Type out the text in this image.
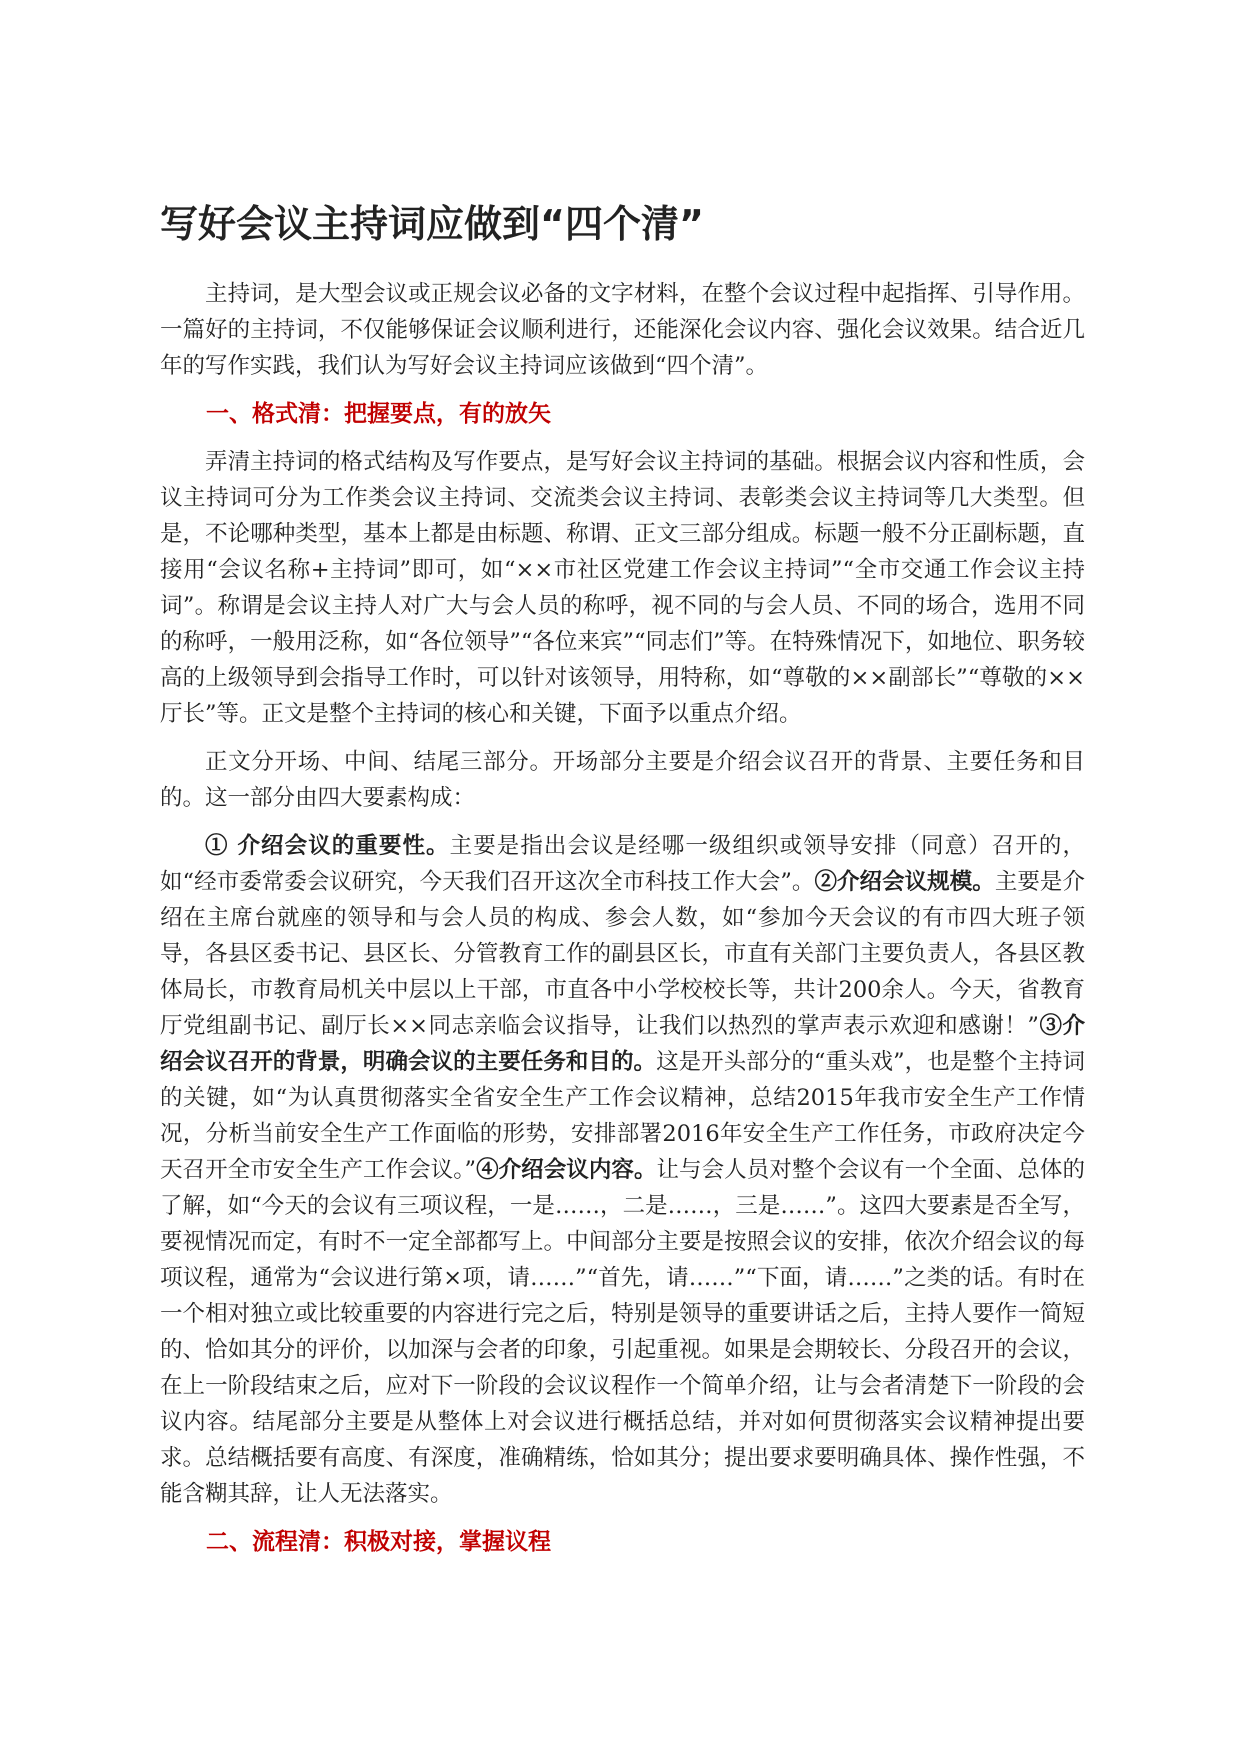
写好会议主持词应做到“四个清”

主持词，是大型会议或正规会议必备的文字材料，在整个会议过程中起指挥、引导作用。一篇好的主持词，不仅能够保证会议顺利进行，还能深化会议内容、强化会议效果。结合近几年的写作实践，我们认为写好会议主持词应该做到“四个清”。

一、格式清：把握要点，有的放矢

弄清主持词的格式结构及写作要点，是写好会议主持词的基础。根据会议内容和性质，会议主持词可分为工作类会议主持词、交流类会议主持词、表彰类会议主持词等几大类型。但是，不论哪种类型，基本上都是由标题、称谓、正文三部分组成。标题一般不分正副标题，直接用“会议名称+主持词”即可，如“××市社区党建工作会议主持词”“全市交通工作会议主持词”。称谓是会议主持人对广大与会人员的称呼，视不同的与会人员、不同的场合，选用不同的称呼，一般用泛称，如“各位领导”“各位来宾”“同志们”等。在特殊情况下，如地位、职务较高的上级领导到会指导工作时，可以针对该领导，用特称，如“尊敬的××副部长”“尊敬的××厅长”等。正文是整个主持词的核心和关键，下面予以重点介绍。

正文分开场、中间、结尾三部分。开场部分主要是介绍会议召开的背景、主要任务和目的。这一部分由四大要素构成：

① 介绍会议的重要性。主要是指出会议是经哪一级组织或领导安排（同意）召开的，如“经市委常委会议研究，今天我们召开这次全市科技工作大会”。②介绍会议规模。主要是介绍在主席台就座的领导和与会人员的构成、参会人数，如“参加今天会议的有市四大班子领导，各县区委书记、县区长、分管教育工作的副县区长，市直有关部门主要负责人，各县区教体局长，市教育局机关中层以上干部，市直各中小学校校长等，共计200余人。今天，省教育厅党组副书记、副厅长××同志亲临会议指导，让我们以热烈的掌声表示欢迎和感谢！”③介绍会议召开的背景，明确会议的主要任务和目的。这是开头部分的“重头戏”，也是整个主持词的关键，如“为认真贯彻落实全省安全生产工作会议精神，总结2015年我市安全生产工作情况，分析当前安全生产工作面临的形势，安排部署2016年安全生产工作任务，市政府决定今天召开全市安全生产工作会议。”④介绍会议内容。让与会人员对整个会议有一个全面、总体的了解，如“今天的会议有三项议程，一是……，二是……，三是……”。这四大要素是否全写，要视情况而定，有时不一定全部都写上。中间部分主要是按照会议的安排，依次介绍会议的每项议程，通常为“会议进行第×项，请……”“首先，请……”“下面，请……”之类的话。有时在一个相对独立或比较重要的内容进行完之后，特别是领导的重要讲话之后，主持人要作一简短的、恰如其分的评价，以加深与会者的印象，引起重视。如果是会期较长、分段召开的会议，在上一阶段结束之后，应对下一阶段的会议议程作一个简单介绍，让与会者清楚下一阶段的会议内容。结尾部分主要是从整体上对会议进行概括总结，并对如何贯彻落实会议精神提出要求。总结概括要有高度、有深度，准确精练，恰如其分；提出要求要明确具体、操作性强，不能含糊其辞，让人无法落实。

二、流程清：积极对接，掌握议程
